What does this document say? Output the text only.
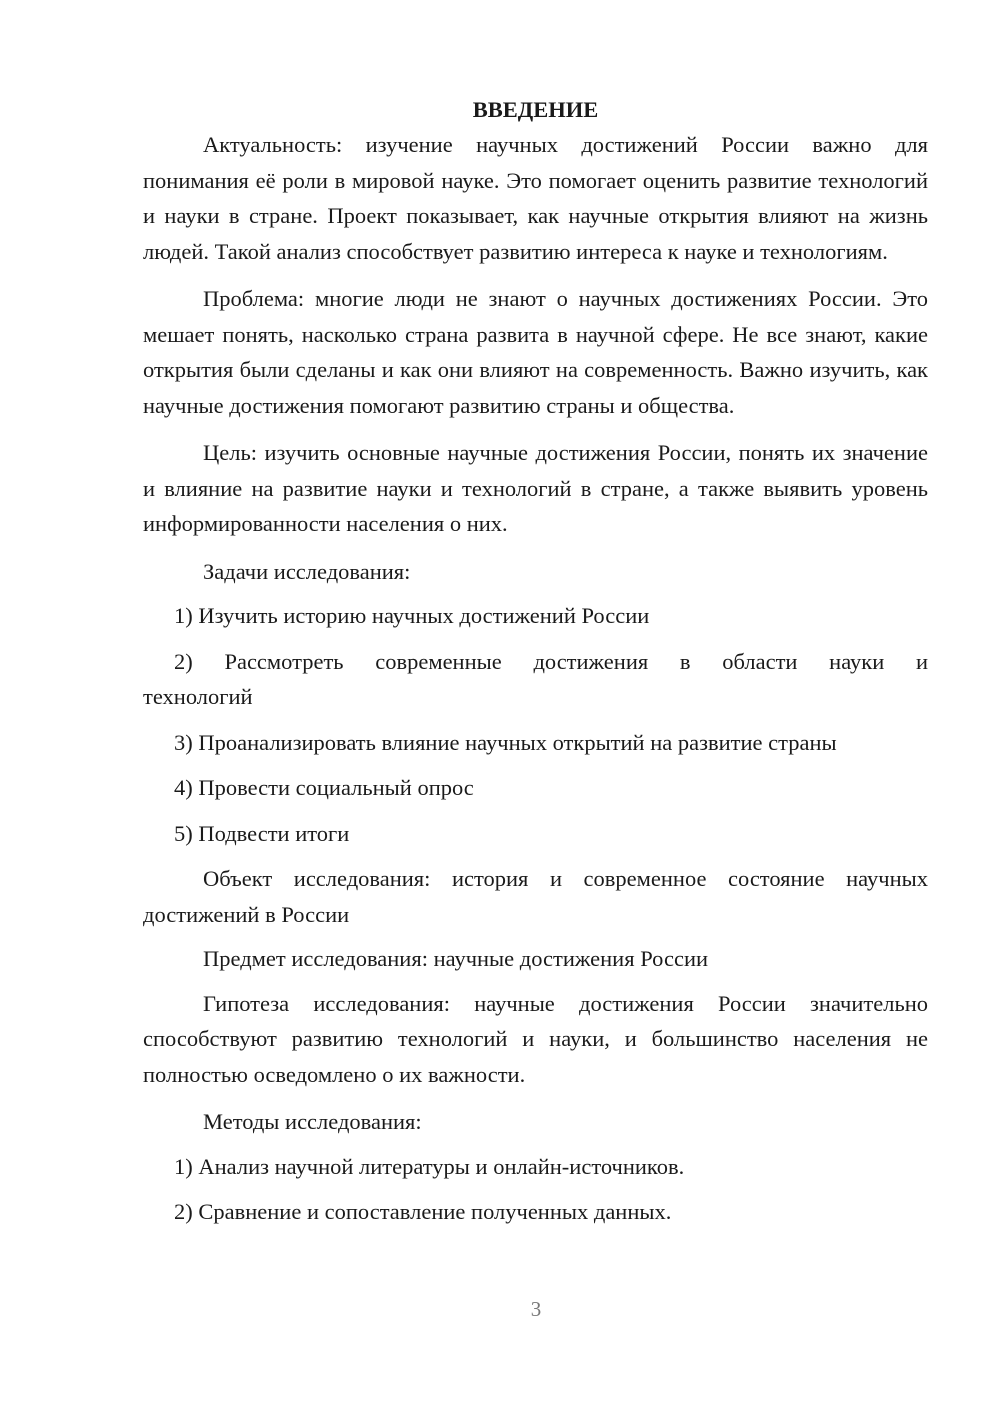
ВВЕДЕНИЕ

Актуальность: изучение научных достижений России важно для понимания её роли в мировой науке. Это помогает оценить развитие технологий и науки в стране. Проект показывает, как научные открытия влияют на жизнь людей. Такой анализ способствует развитию интереса к науке и технологиям.

Проблема: многие люди не знают о научных достижениях России. Это мешает понять, насколько страна развита в научной сфере. Не все знают, какие открытия были сделаны и как они влияют на современность. Важно изучить, как научные достижения помогают развитию страны и общества.

Цель: изучить основные научные достижения России, понять их значение и влияние на развитие науки и технологий в стране, а также выявить уровень информированности населения о них.

Задачи исследования:

1) Изучить историю научных достижений России
2) Рассмотреть современные достижения в области науки и
технологий
3) Проанализировать влияние научных открытий на развитие страны
4) Провести социальный опрос
5) Подвести итоги

Объект исследования: история и современное состояние научных достижений в России

Предмет исследования: научные достижения России

Гипотеза исследования: научные достижения России значительно способствуют развитию технологий и науки, и большинство населения не полностью осведомлено о их важности.

Методы исследования:

1) Анализ научной литературы и онлайн-источников.
2) Сравнение и сопоставление полученных данных.
3
